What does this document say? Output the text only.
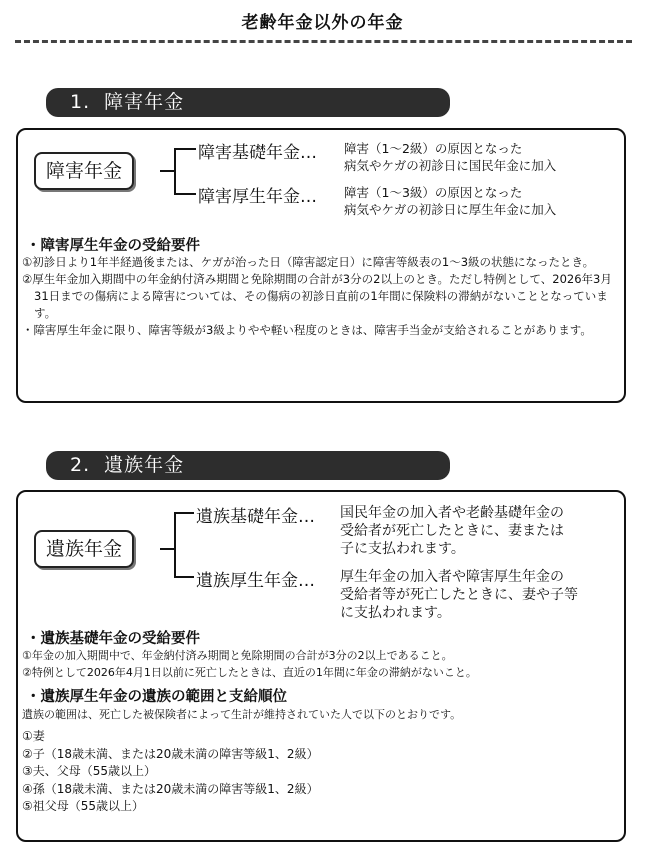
老齢年金以外の年金
1. 障害年金
障害年金
障害基礎年金… 障害（1～2級）の原因となった
病気やケガの初診日に国民年金に加入
障害厚生年金… 障害（1～3級）の原因となった
病気やケガの初診日に厚生年金に加入
・障害厚生年金の受給要件
①初診日より1年半経過後または、ケガが治った日（障害認定日）に障害等級表の1～3級の状態になったとき。
②厚生年金加入期間中の年金納付済み期間と免除期間の合計が3分の2以上のとき。ただし特例として、2026年3月31日までの傷病による障害については、その傷病の初診日直前の1年間に保険料の滞納がないこととなっています。
・障害厚生年金に限り、障害等級が3級よりやや軽い程度のときは、障害手当金が支給されることがあります。
2. 遺族年金
遺族年金
遺族基礎年金… 国民年金の加入者や老齢基礎年金の
受給者が死亡したときに、妻または
子に支払われます。
遺族厚生年金… 厚生年金の加入者や障害厚生年金の
受給者等が死亡したときに、妻や子等
に支払われます。
・遺族基礎年金の受給要件
①年金の加入期間中で、年金納付済み期間と免除期間の合計が3分の2以上であること。
②特例として2026年4月1日以前に死亡したときは、直近の1年間に年金の滞納がないこと。
・遺族厚生年金の遺族の範囲と支給順位
遺族の範囲は、死亡した被保険者によって生計が維持されていた人で以下のとおりです。
①妻
②子（18歳未満、または20歳未満の障害等級1、2級）
③夫、父母（55歳以上）
④孫（18歳未満、または20歳未満の障害等級1、2級）
⑤祖父母（55歳以上）
